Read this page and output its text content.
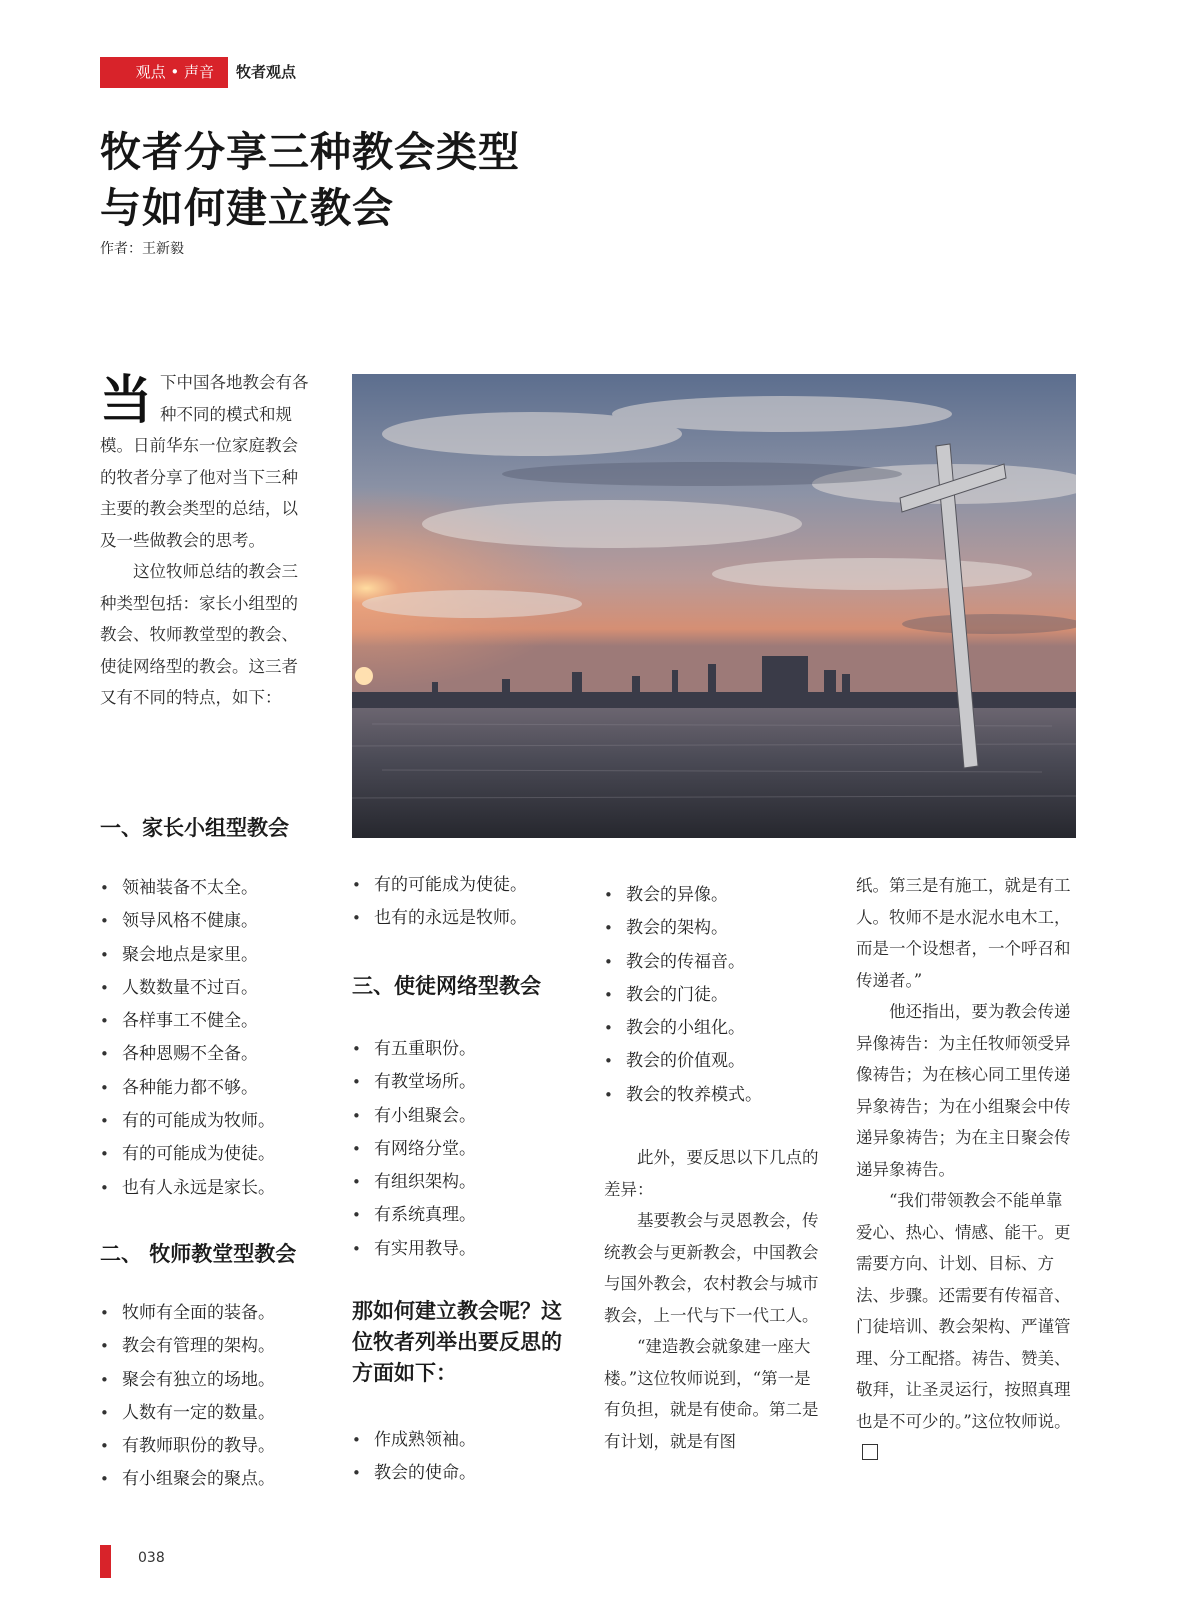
观点 • 声音	牧者观点
牧者分享三种教会类型
与如何建立教会
作者：王新毅
当 下中国各地教会有各种不同的模式和规模。日前华东一位家庭教会的牧者分享了他对当下三种主要的教会类型的总结，以及一些做教会的思考。

这位牧师总结的教会三种类型包括：家长小组型的教会、牧师教堂型的教会、使徒网络型的教会。这三者又有不同的特点，如下：

一、家长小组型教会
• 领袖装备不太全。
• 领导风格不健康。
• 聚会地点是家里。
• 人数数量不过百。
• 各样事工不健全。
• 各种恩赐不全备。
• 各种能力都不够。
• 有的可能成为牧师。
• 有的可能成为使徒。
• 也有人永远是家长。
二、 牧师教堂型教会
• 牧师有全面的装备。
• 教会有管理的架构。
• 聚会有独立的场地。
• 人数有一定的数量。
• 有教师职份的教导。
• 有小组聚会的聚点。
• 有的可能成为使徒。
• 也有的永远是牧师。
三、使徒网络型教会
• 有五重职份。
• 有教堂场所。
• 有小组聚会。
• 有网络分堂。
• 有组织架构。
• 有系统真理。
• 有实用教导。
那如何建立教会呢？这位牧者列举出要反思的方面如下：
• 作成熟领袖。
• 教会的使命。
• 教会的异像。
• 教会的架构。
• 教会的传福音。
• 教会的门徒。
• 教会的小组化。
• 教会的价值观。
• 教会的牧养模式。

此外，要反思以下几点的差异：

基要教会与灵恩教会，传统教会与更新教会，中国教会与国外教会，农村教会与城市教会，上一代与下一代工人。

“建造教会就象建一座大楼。”这位牧师说到，“第一是有负担，就是有使命。第二是有计划，就是有图

纸。第三是有施工，就是有工人。牧师不是水泥水电木工，而是一个设想者，一个呼召和传递者。”

他还指出，要为教会传递异像祷告：为主任牧师领受异像祷告；为在核心同工里传递异象祷告；为在小组聚会中传递异象祷告；为在主日聚会传递异象祷告。

“我们带领教会不能单靠爱心、热心、情感、能干。更需要方向、计划、目标、方法、步骤。还需要有传福音、门徒培训、教会架构、严谨管理、分工配搭。祷告、赞美、敬拜，让圣灵运行，按照真理也是不可少的。”这位牧师说。

038
